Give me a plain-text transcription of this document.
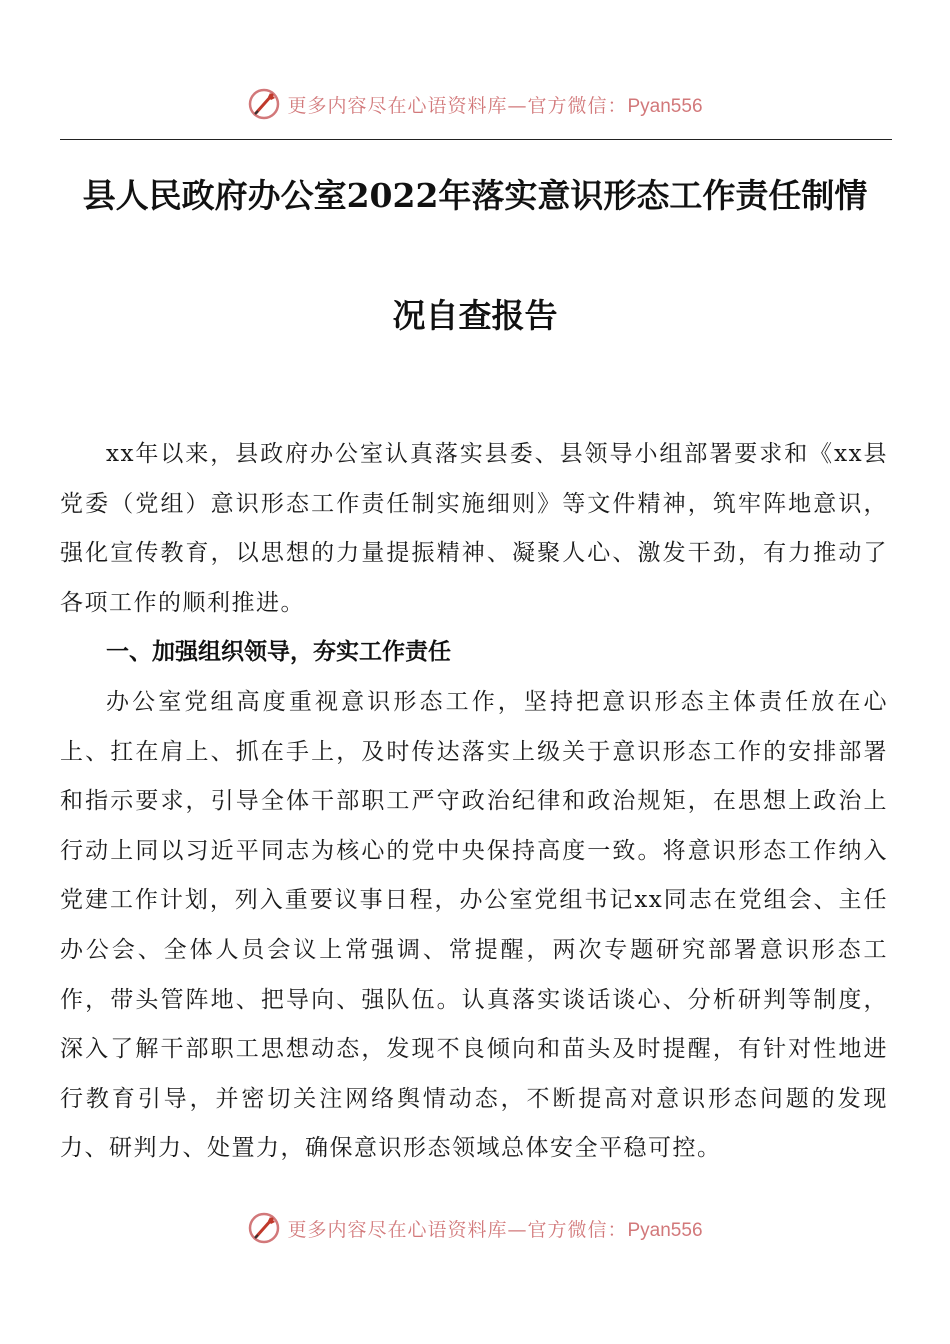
更多内容尽在心语资料库—官方微信：Pyan556
县人民政府办公室2022年落实意识形态工作责任制情
况自查报告

xx年以来，县政府办公室认真落实县委、县领导小组部署要求和《xx县党委（党组）意识形态工作责任制实施细则》等文件精神，筑牢阵地意识，强化宣传教育，以思想的力量提振精神、凝聚人心、激发干劲，有力推动了各项工作的顺利推进。

一、加强组织领导，夯实工作责任

办公室党组高度重视意识形态工作，坚持把意识形态主体责任放在心上、扛在肩上、抓在手上，及时传达落实上级关于意识形态工作的安排部署和指示要求，引导全体干部职工严守政治纪律和政治规矩，在思想上政治上行动上同以习近平同志为核心的党中央保持高度一致。将意识形态工作纳入党建工作计划，列入重要议事日程，办公室党组书记xx同志在党组会、主任办公会、全体人员会议上常强调、常提醒，两次专题研究部署意识形态工作，带头管阵地、把导向、强队伍。认真落实谈话谈心、分析研判等制度，深入了解干部职工思想动态，发现不良倾向和苗头及时提醒，有针对性地进行教育引导，并密切关注网络舆情动态，不断提高对意识形态问题的发现力、研判力、处置力，确保意识形态领域总体安全平稳可控。

更多内容尽在心语资料库—官方微信：Pyan556
